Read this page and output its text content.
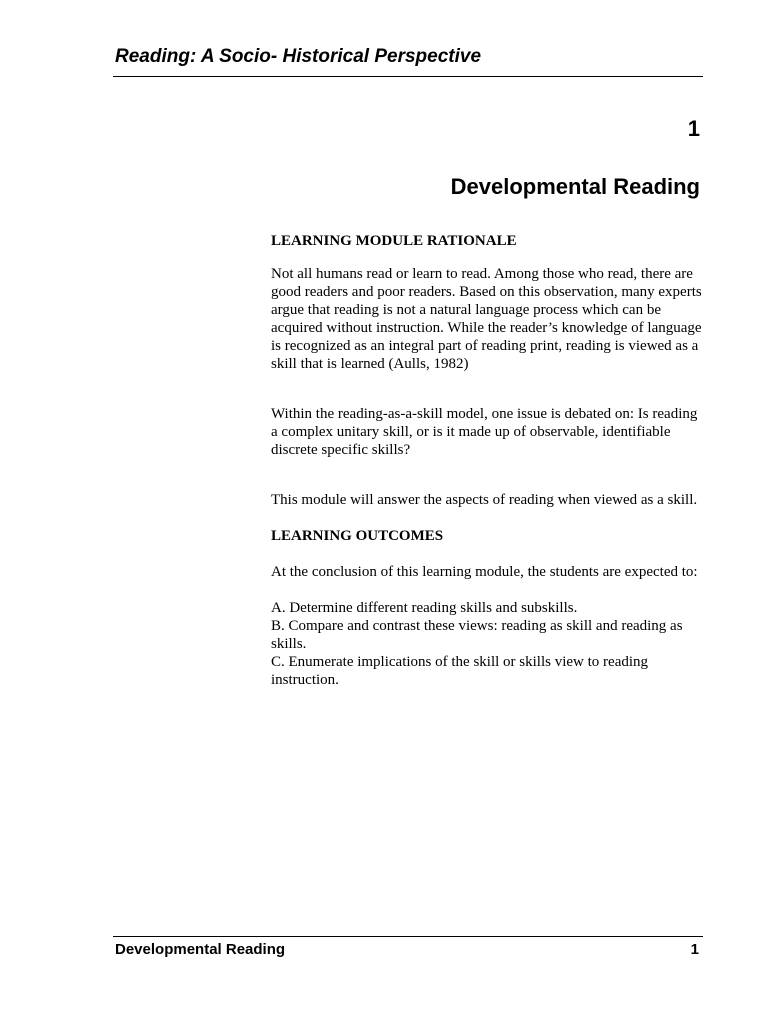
Reading: A Socio- Historical Perspective
1
Developmental Reading

LEARNING MODULE RATIONALE

Not all humans read or learn to read. Among those who read, there are good readers and poor readers. Based on this observation, many experts argue that reading is not a natural language process which can be acquired without instruction. While the reader’s knowledge of language is recognized as an integral part of reading print, reading is viewed as a skill that is learned (Aulls, 1982)

Within the reading-as-a-skill model, one issue is debated on: Is reading a complex unitary skill, or is it made up of observable, identifiable discrete specific skills?

This module will answer the aspects of reading when viewed as a skill.

LEARNING OUTCOMES

At the conclusion of this learning module, the students are expected to:

A. Determine different reading skills and subskills.

B. Compare and contrast these views: reading as skill and reading as skills.

C. Enumerate implications of the skill or skills view to reading instruction.

Developmental Reading	1
